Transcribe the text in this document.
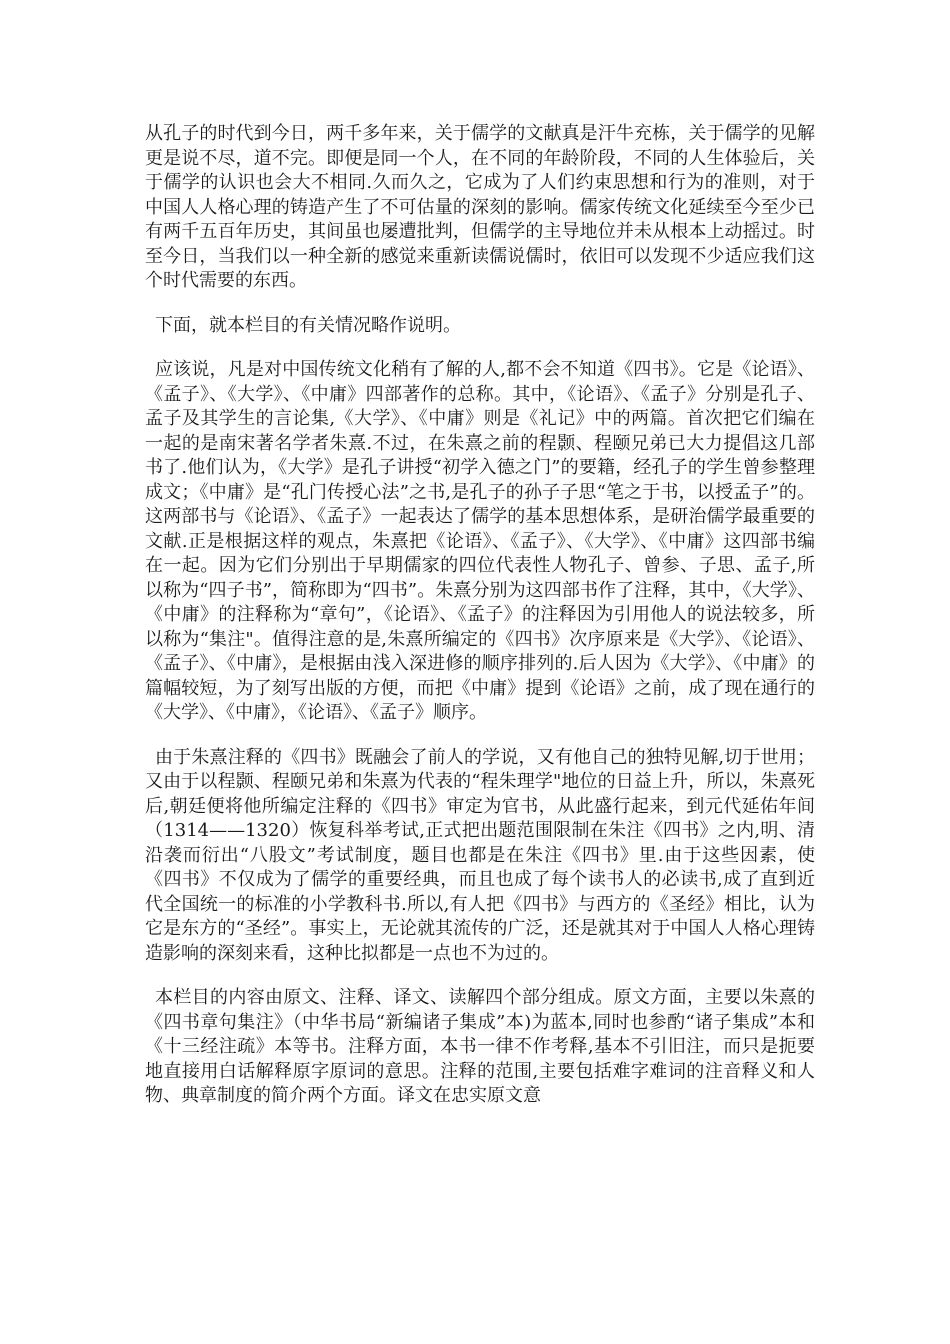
从孔子的时代到今日，两千多年来，关于儒学的文献真是汗牛充栋，关于儒学的见解更是说不尽，道不完。即便是同一个人，在不同的年龄阶段，不同的人生体验后，关于儒学的认识也会大不相同.久而久之，它成为了人们约束思想和行为的准则，对于中国人人格心理的铸造产生了不可估量的深刻的影响。儒家传统文化延续至今至少已有两千五百年历史，其间虽也屡遭批判，但儒学的主导地位并未从根本上动摇过。时至今日，当我们以一种全新的感觉来重新读儒说儒时，依旧可以发现不少适应我们这个时代需要的东西。

下面，就本栏目的有关情况略作说明。

应该说，凡是对中国传统文化稍有了解的人,都不会不知道《四书》。它是《论语》、《孟子》、《大学》、《中庸》四部著作的总称。其中，《论语》、《孟子》分别是孔子、孟子及其学生的言论集,《大学》、《中庸》则是《礼记》中的两篇。首次把它们编在一起的是南宋著名学者朱熹.不过，在朱熹之前的程颢、程颐兄弟已大力提倡这几部书了.他们认为，《大学》是孔子讲授“初学入德之门”的要籍，经孔子的学生曾参整理成文；《中庸》是“孔门传授心法”之书,是孔子的孙子子思“笔之于书，以授孟子”的。这两部书与《论语》、《孟子》一起表达了儒学的基本思想体系，是研治儒学最重要的文献.正是根据这样的观点，朱熹把《论语》、《孟子》、《大学》、《中庸》这四部书编在一起。因为它们分别出于早期儒家的四位代表性人物孔子、曾参、子思、孟子,所以称为“四子书”，简称即为“四书”。朱熹分别为这四部书作了注释，其中，《大学》、《中庸》的注释称为“章句”，《论语》、《孟子》的注释因为引用他人的说法较多，所以称为“集注"。值得注意的是,朱熹所编定的《四书》次序原来是《大学》、《论语》、《孟子》、《中庸》，是根据由浅入深进修的顺序排列的.后人因为《大学》、《中庸》的篇幅较短，为了刻写出版的方便，而把《中庸》提到《论语》之前，成了现在通行的《大学》、《中庸》，《论语》、《孟子》顺序。

由于朱熹注释的《四书》既融会了前人的学说，又有他自己的独特见解,切于世用；又由于以程颢、程颐兄弟和朱熹为代表的“程朱理学"地位的日益上升，所以，朱熹死后,朝廷便将他所编定注释的《四书》审定为官书，从此盛行起来，到元代延佑年间（1314——1320）恢复科举考试,正式把出题范围限制在朱注《四书》之内,明、清沿袭而衍出“八股文”考试制度，题目也都是在朱注《四书》里.由于这些因素，使《四书》不仅成为了儒学的重要经典，而且也成了每个读书人的必读书,成了直到近代全国统一的标准的小学教科书.所以,有人把《四书》与西方的《圣经》相比，认为它是东方的“圣经”。事实上，无论就其流传的广泛，还是就其对于中国人人格心理铸造影响的深刻来看，这种比拟都是一点也不为过的。

本栏目的内容由原文、注释、译文、读解四个部分组成。原文方面，主要以朱熹的《四书章句集注》（中华书局“新编诸子集成”本)为蓝本,同时也参酌“诸子集成”本和《十三经注疏》本等书。注释方面，本书一律不作考释,基本不引旧注，而只是扼要地直接用白话解释原字原词的意思。注释的范围,主要包括难字难词的注音释义和人物、典章制度的简介两个方面。译文在忠实原文意
